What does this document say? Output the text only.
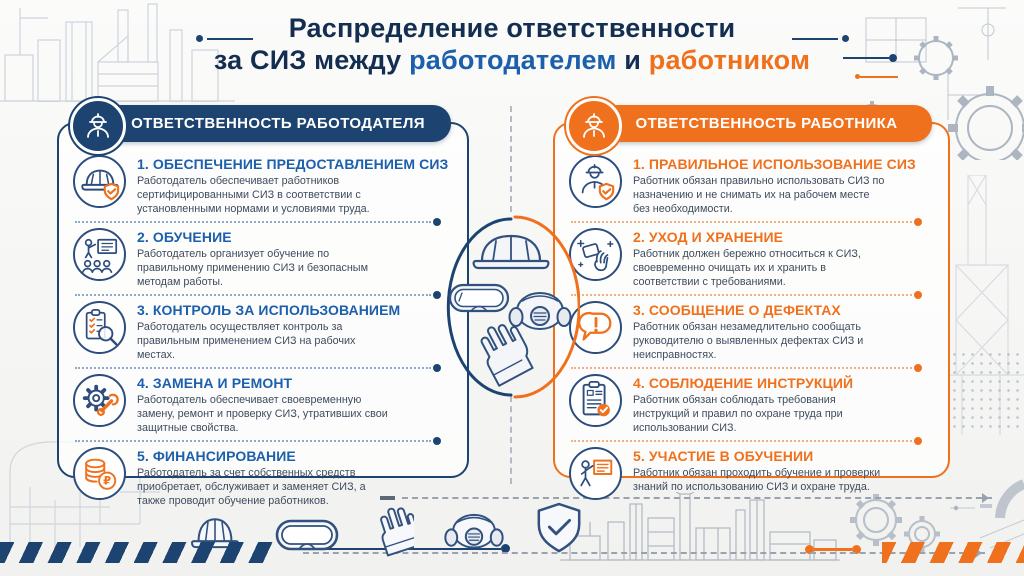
Распределение ответственности
за СИЗ между работодателем и работником
ОТВЕТСТВЕННОСТЬ РАБОТОДАТЕЛЯ
1. ОБЕСПЕЧЕНИЕ ПРЕДОСТАВЛЕНИЕМ СИЗ
Работодатель обеспечивает работников сертифицированными СИЗ в соответствии с установленными нормами и условиями труда.
2. ОБУЧЕНИЕ
Работодатель организует обучение по правильному применению СИЗ и безопасным методам работы.
3. КОНТРОЛЬ ЗА ИСПОЛЬЗОВАНИЕМ
Работодатель осуществляет контроль за правильным применением СИЗ на рабочих местах.
4. ЗАМЕНА И РЕМОНТ
Работодатель обеспечивает своевременную замену, ремонт и проверку СИЗ, утративших свои защитные свойства.
₽
5. ФИНАНСИРОВАНИЕ
Работодатель за счет собственных средств приобретает, обслуживает и заменяет СИЗ, а также проводит обучение работников.
ОТВЕТСТВЕННОСТЬ РАБОТНИКА
1. ПРАВИЛЬНОЕ ИСПОЛЬЗОВАНИЕ СИЗ
Работник обязан правильно использовать СИЗ по назначению и не снимать их на рабочем месте без необходимости.
2. УХОД И ХРАНЕНИЕ
Работник должен бережно относиться к СИЗ, своевременно очищать их и хранить в соответствии с требованиями.
3. СООБЩЕНИЕ О ДЕФЕКТАХ
Работник обязан незамедлительно сообщать руководителю о выявленных дефектах СИЗ и неисправностях.
4. СОБЛЮДЕНИЕ ИНСТРУКЦИЙ
Работник обязан соблюдать требования инструкций и правил по охране труда при использовании СИЗ.
5. УЧАСТИЕ В ОБУЧЕНИИ
Работник обязан проходить обучение и проверки знаний по использованию СИЗ и охране труда.
